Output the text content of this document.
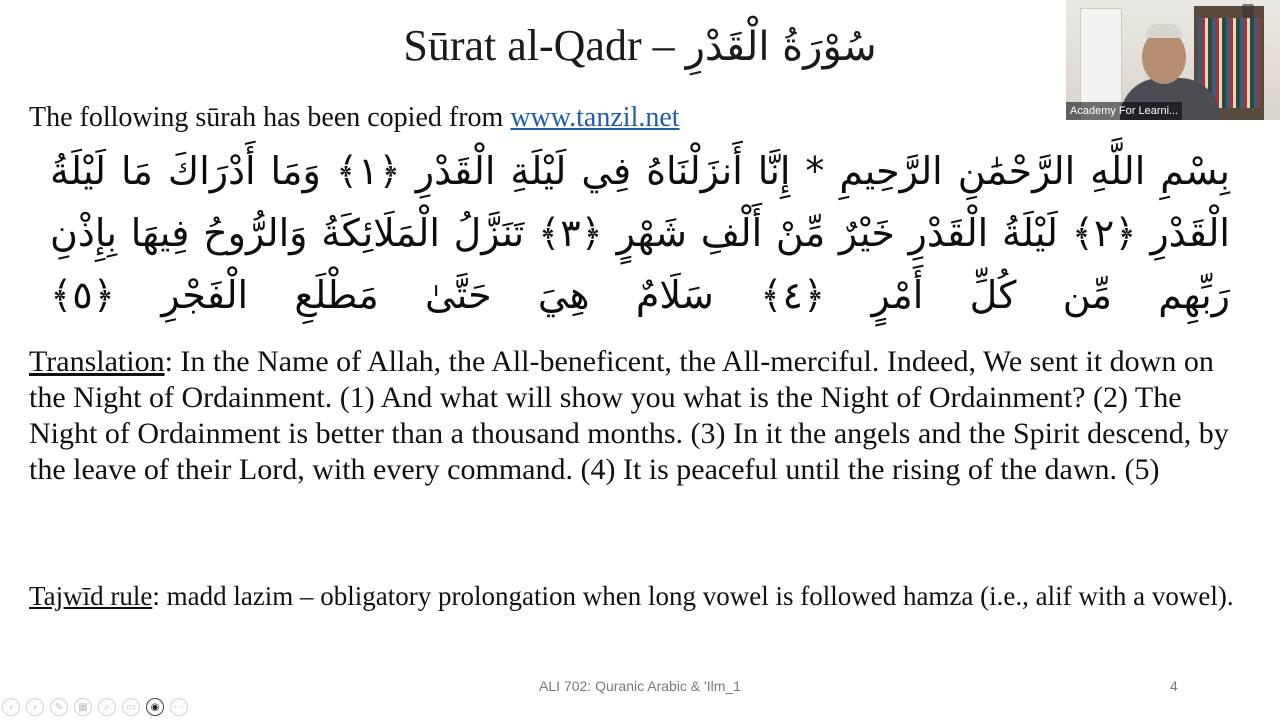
Sūrat al-Qadr – سُوْرَةُ الْقَدْرِ
The following sūrah has been copied from www.tanzil.net
بِسْمِ اللَّهِ الرَّحْمَٰنِ الرَّحِيمِ * إِنَّا أَنزَلْنَاهُ فِي لَيْلَةِ الْقَدْرِ ﴿١﴾ وَمَا أَدْرَاكَ مَا لَيْلَةُ الْقَدْرِ ﴿٢﴾ لَيْلَةُ الْقَدْرِ خَيْرٌ مِّنْ أَلْفِ شَهْرٍ ﴿٣﴾ تَنَزَّلُ الْمَلَائِكَةُ وَالرُّوحُ فِيهَا بِإِذْنِ رَبِّهِم مِّن كُلِّ أَمْرٍ ﴿٤﴾ سَلَامٌ هِيَ حَتَّىٰ مَطْلَعِ الْفَجْرِ ﴿٥﴾
Translation: In the Name of Allah, the All-beneficent, the All-merciful. Indeed, We sent it down on the Night of Ordainment. (1) And what will show you what is the Night of Ordainment? (2) The Night of Ordainment is better than a thousand months. (3) In it the angels and the Spirit descend, by the leave of their Lord, with every command. (4) It is peaceful until the rising of the dawn. (5)
Tajwīd rule: madd lazim – obligatory prolongation when long vowel is followed hamza (i.e., alif with a vowel).
ALI 702: Quranic Arabic & 'Ilm_1	4
‹	›	✎	▦	⌕	▭	◉	⋯
Academy For Learni...
